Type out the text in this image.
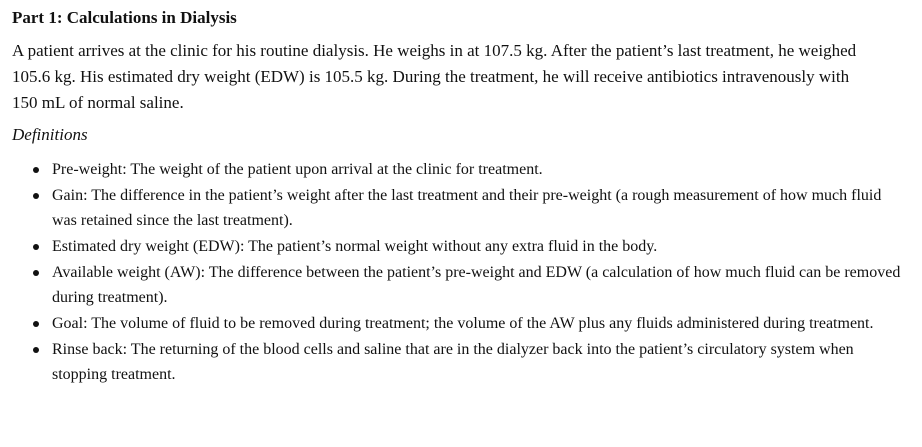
Part 1: Calculations in Dialysis

A patient arrives at the clinic for his routine dialysis. He weighs in at 107.5 kg. After the patient’s last treatment, he weighed 105.6 kg. His estimated dry weight (EDW) is 105.5 kg. During the treatment, he will receive antibiotics intravenously with 150 mL of normal saline.

Definitions

Pre-weight: The weight of the patient upon arrival at the clinic for treatment.
Gain: The difference in the patient’s weight after the last treatment and their pre-weight (a rough measurement of how much fluid was retained since the last treatment).
Estimated dry weight (EDW): The patient’s normal weight without any extra fluid in the body.
Available weight (AW): The difference between the patient’s pre-weight and EDW (a calculation of how much fluid can be removed during treatment).
Goal: The volume of fluid to be removed during treatment; the volume of the AW plus any fluids administered during treatment.
Rinse back: The returning of the blood cells and saline that are in the dialyzer back into the patient’s circulatory system when stopping treatment.
